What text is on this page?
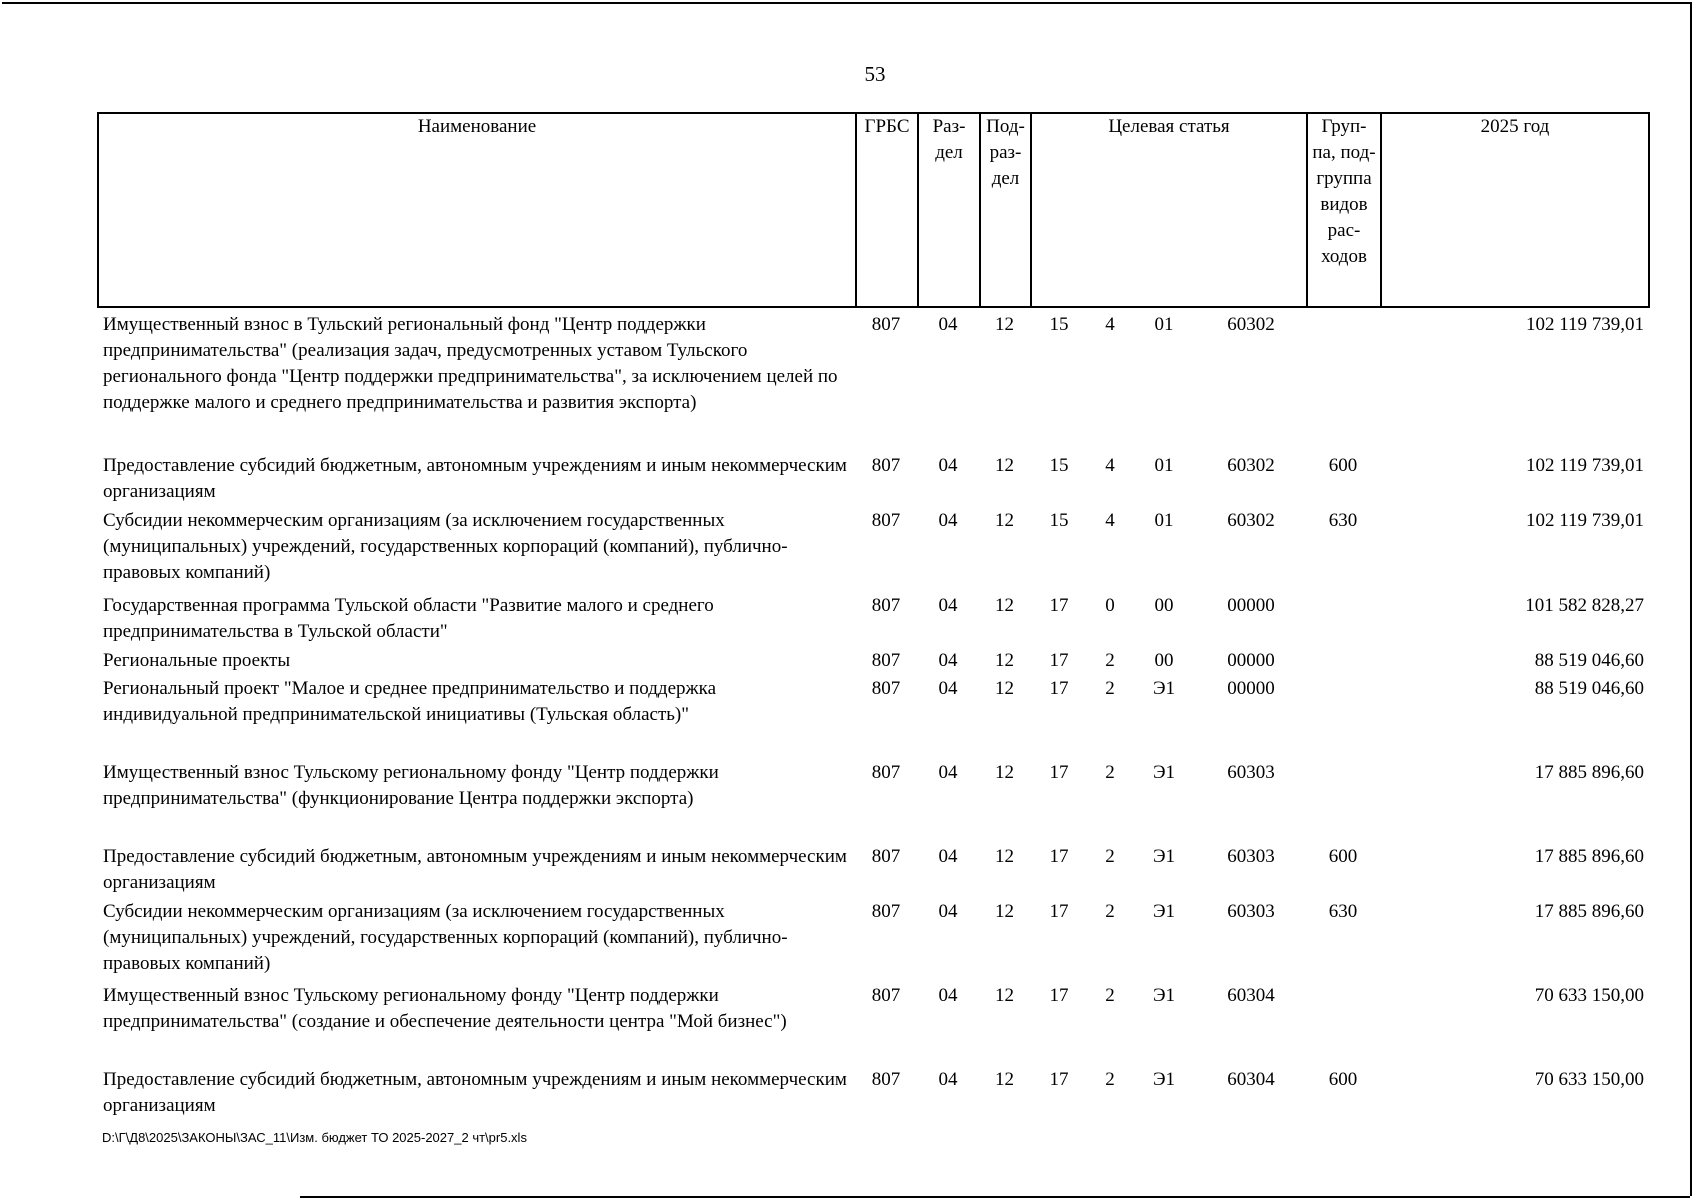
53
Наименование	ГРБС	Раз-дел	Под-раз-дел	Целевая статья	Груп-па, под-группа видов рас-ходов	2025 год
Имущественный взнос в Тульский региональный фонд "Центр поддержки предпринимательства" (реализация задач, предусмотренных уставом Тульского регионального фонда "Центр поддержки предпринимательства", за исключением целей по поддержке малого и среднего предпринимательства и развития экспорта)	807	04	12	15	4	01	60302		102 119 739,01
Предоставление субсидий бюджетным, автономным учреждениям и иным некоммерческим организациям	807	04	12	15	4	01	60302	600	102 119 739,01
Субсидии некоммерческим организациям (за исключением государственных (муниципальных) учреждений, государственных корпораций (компаний), публично-правовых компаний)	807	04	12	15	4	01	60302	630	102 119 739,01
Государственная программа Тульской области "Развитие малого и среднего предпринимательства в Тульской области"	807	04	12	17	0	00	00000		101 582 828,27
Региональные проекты	807	04	12	17	2	00	00000		88 519 046,60
Региональный проект "Малое и среднее предпринимательство и поддержка индивидуальной предпринимательской инициативы (Тульская область)"	807	04	12	17	2	Э1	00000		88 519 046,60
Имущественный взнос Тульскому региональному фонду "Центр поддержки предпринимательства" (функционирование Центра поддержки экспорта)	807	04	12	17	2	Э1	60303		17 885 896,60
Предоставление субсидий бюджетным, автономным учреждениям и иным некоммерческим организациям	807	04	12	17	2	Э1	60303	600	17 885 896,60
Субсидии некоммерческим организациям (за исключением государственных (муниципальных) учреждений, государственных корпораций (компаний), публично-правовых компаний)	807	04	12	17	2	Э1	60303	630	17 885 896,60
Имущественный взнос Тульскому региональному фонду "Центр поддержки предпринимательства" (создание и обеспечение деятельности центра "Мой бизнес")	807	04	12	17	2	Э1	60304		70 633 150,00
Предоставление субсидий бюджетным, автономным учреждениям и иным некоммерческим организациям	807	04	12	17	2	Э1	60304	600	70 633 150,00
D:\Г\Д8\2025\ЗАКОНЫ\ЗАС_11\Изм. бюджет ТО 2025-2027_2 чт\pr5.xls
